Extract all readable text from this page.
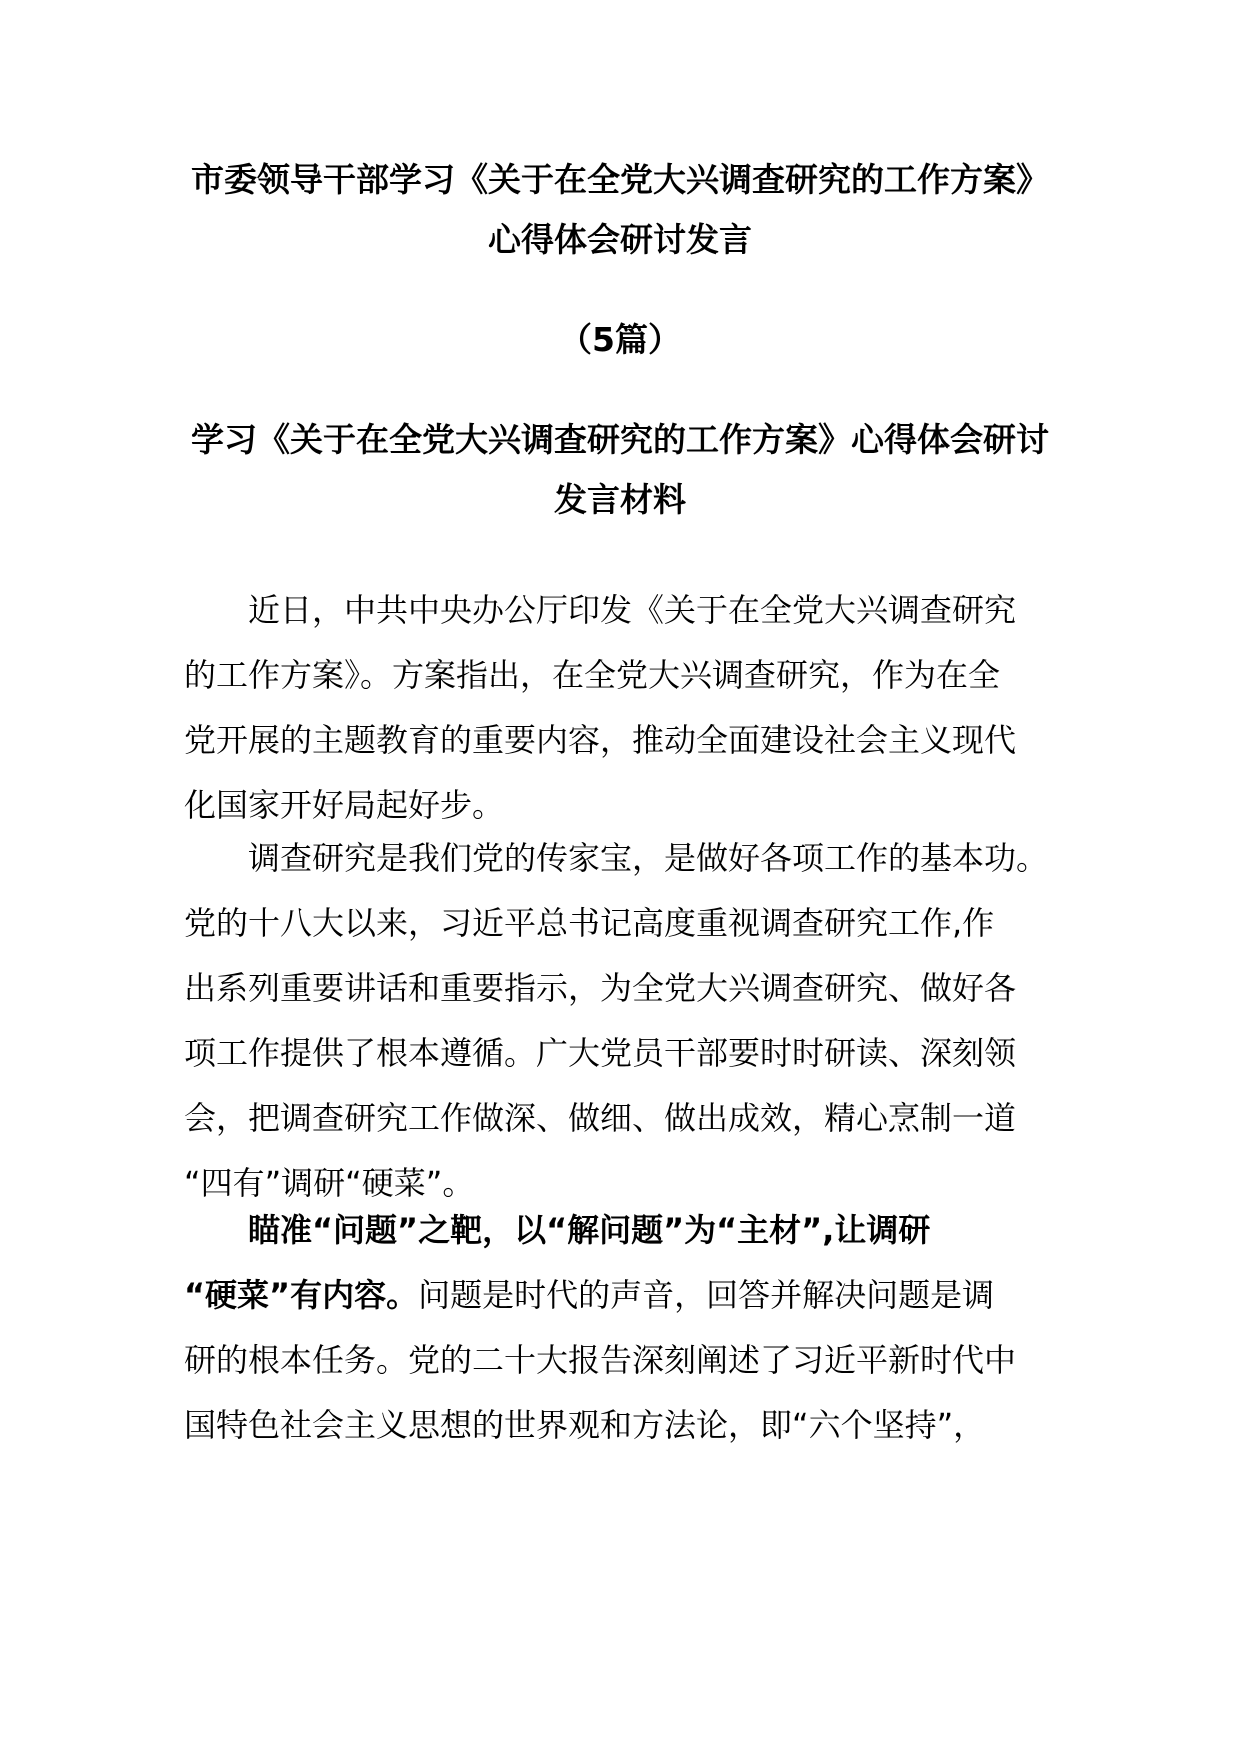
市委领导干部学习《关于在全党大兴调查研究的工作方案》
心得体会研讨发言
（5篇）
学习《关于在全党大兴调查研究的工作方案》心得体会研讨
发言材料
近日，中共中央办公厅印发《关于在全党大兴调查研究
的工作方案》。方案指出，在全党大兴调查研究，作为在全
党开展的主题教育的重要内容，推动全面建设社会主义现代
化国家开好局起好步。
调查研究是我们党的传家宝，是做好各项工作的基本功。
党的十八大以来，习近平总书记高度重视调查研究工作,作
出系列重要讲话和重要指示，为全党大兴调查研究、做好各
项工作提供了根本遵循。广大党员干部要时时研读、深刻领
会，把调查研究工作做深、做细、做出成效，精心烹制一道
“四有”调研“硬菜”。
瞄准“问题”之靶，以“解问题”为“主材”,让调研
“硬菜”有内容。问题是时代的声音，回答并解决问题是调
研的根本任务。党的二十大报告深刻阐述了习近平新时代中
国特色社会主义思想的世界观和方法论，即“六个坚持”，
